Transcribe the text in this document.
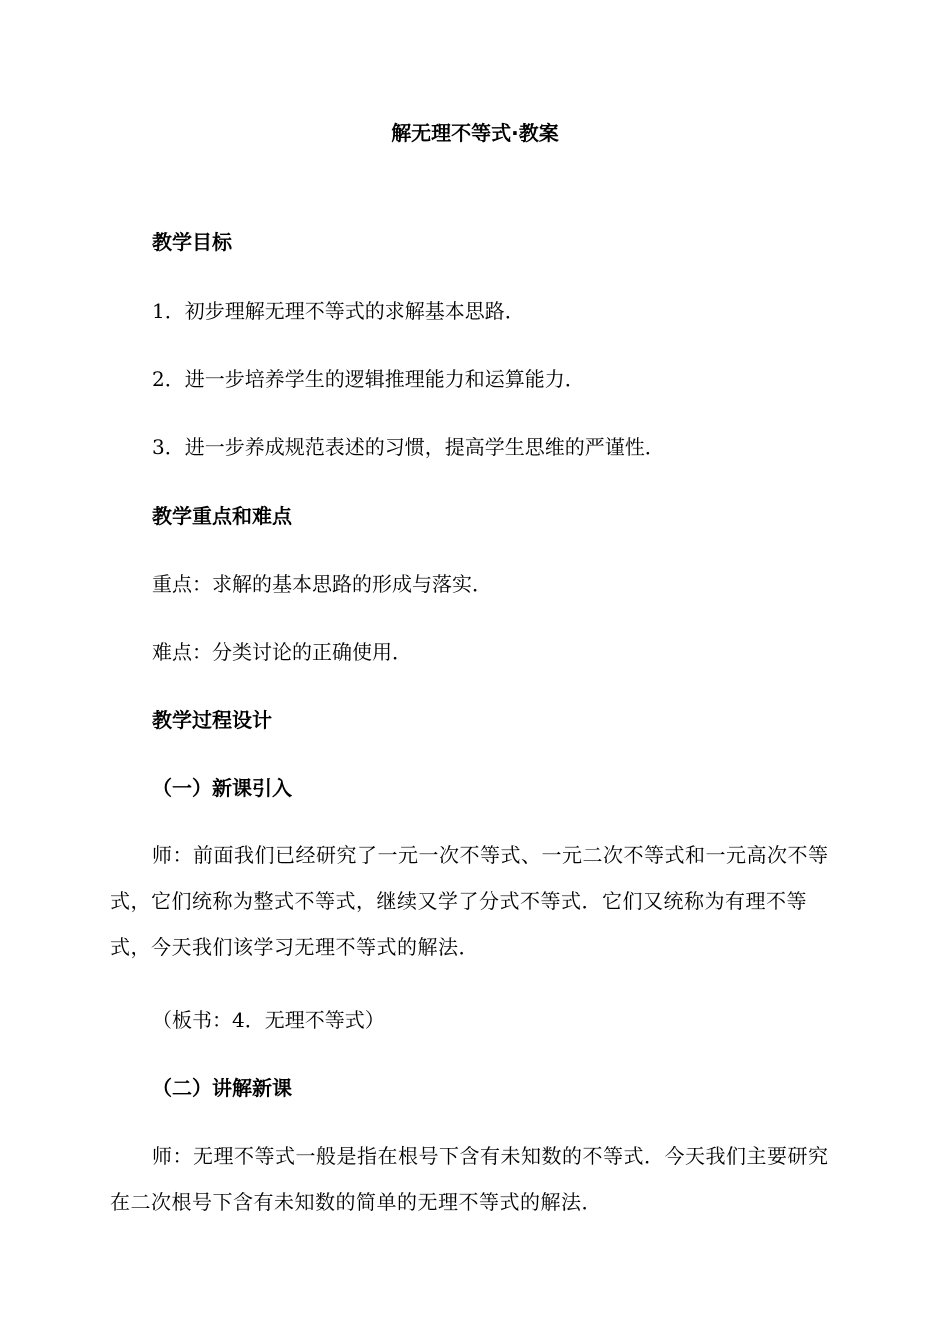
解无理不等式·教案
教学目标

1．初步理解无理不等式的求解基本思路．

2．进一步培养学生的逻辑推理能力和运算能力．

3．进一步养成规范表述的习惯，提高学生思维的严谨性．

教学重点和难点

重点：求解的基本思路的形成与落实．

难点：分类讨论的正确使用．

教学过程设计
（一）新课引入

师：前面我们已经研究了一元一次不等式、一元二次不等式和一元高次不等式，它们统称为整式不等式，继续又学了分式不等式．它们又统称为有理不等式，今天我们该学习无理不等式的解法．

（板书：4．无理不等式）

（二）讲解新课

师：无理不等式一般是指在根号下含有未知数的不等式．今天我们主要研究在二次根号下含有未知数的简单的无理不等式的解法．
